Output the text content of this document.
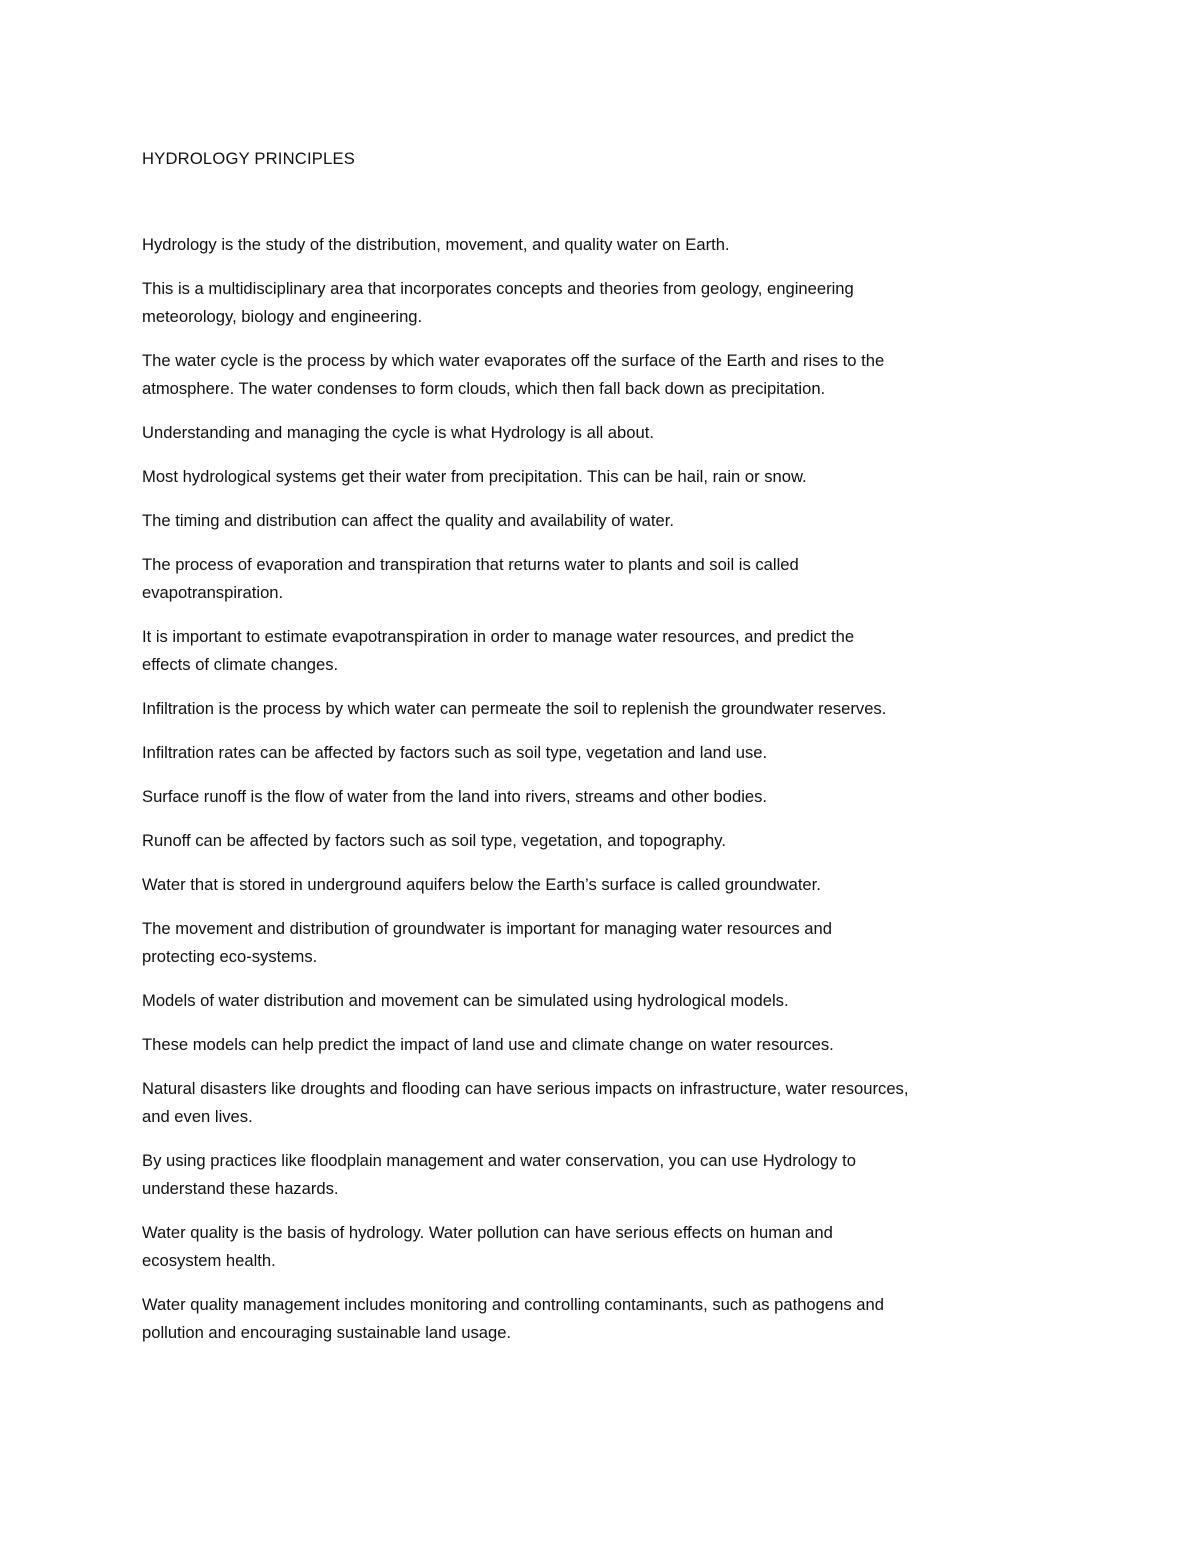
HYDROLOGY PRINCIPLES

Hydrology is the study of the distribution, movement, and quality water on Earth.

This is a multidisciplinary area that incorporates concepts and theories from geology, engineering
meteorology, biology and engineering.

The water cycle is the process by which water evaporates off the surface of the Earth and rises to the
atmosphere. The water condenses to form clouds, which then fall back down as precipitation.

Understanding and managing the cycle is what Hydrology is all about.

Most hydrological systems get their water from precipitation. This can be hail, rain or snow.

The timing and distribution can affect the quality and availability of water.

The process of evaporation and transpiration that returns water to plants and soil is called
evapotranspiration.

It is important to estimate evapotranspiration in order to manage water resources, and predict the
effects of climate changes.

Infiltration is the process by which water can permeate the soil to replenish the groundwater reserves.

Infiltration rates can be affected by factors such as soil type, vegetation and land use.

Surface runoff is the flow of water from the land into rivers, streams and other bodies.

Runoff can be affected by factors such as soil type, vegetation, and topography.

Water that is stored in underground aquifers below the Earth’s surface is called groundwater.

The movement and distribution of groundwater is important for managing water resources and
protecting eco-systems.

Models of water distribution and movement can be simulated using hydrological models.

These models can help predict the impact of land use and climate change on water resources.

Natural disasters like droughts and flooding can have serious impacts on infrastructure, water resources,
and even lives.

By using practices like floodplain management and water conservation, you can use Hydrology to
understand these hazards.

Water quality is the basis of hydrology. Water pollution can have serious effects on human and
ecosystem health.

Water quality management includes monitoring and controlling contaminants, such as pathogens and
pollution and encouraging sustainable land usage.
